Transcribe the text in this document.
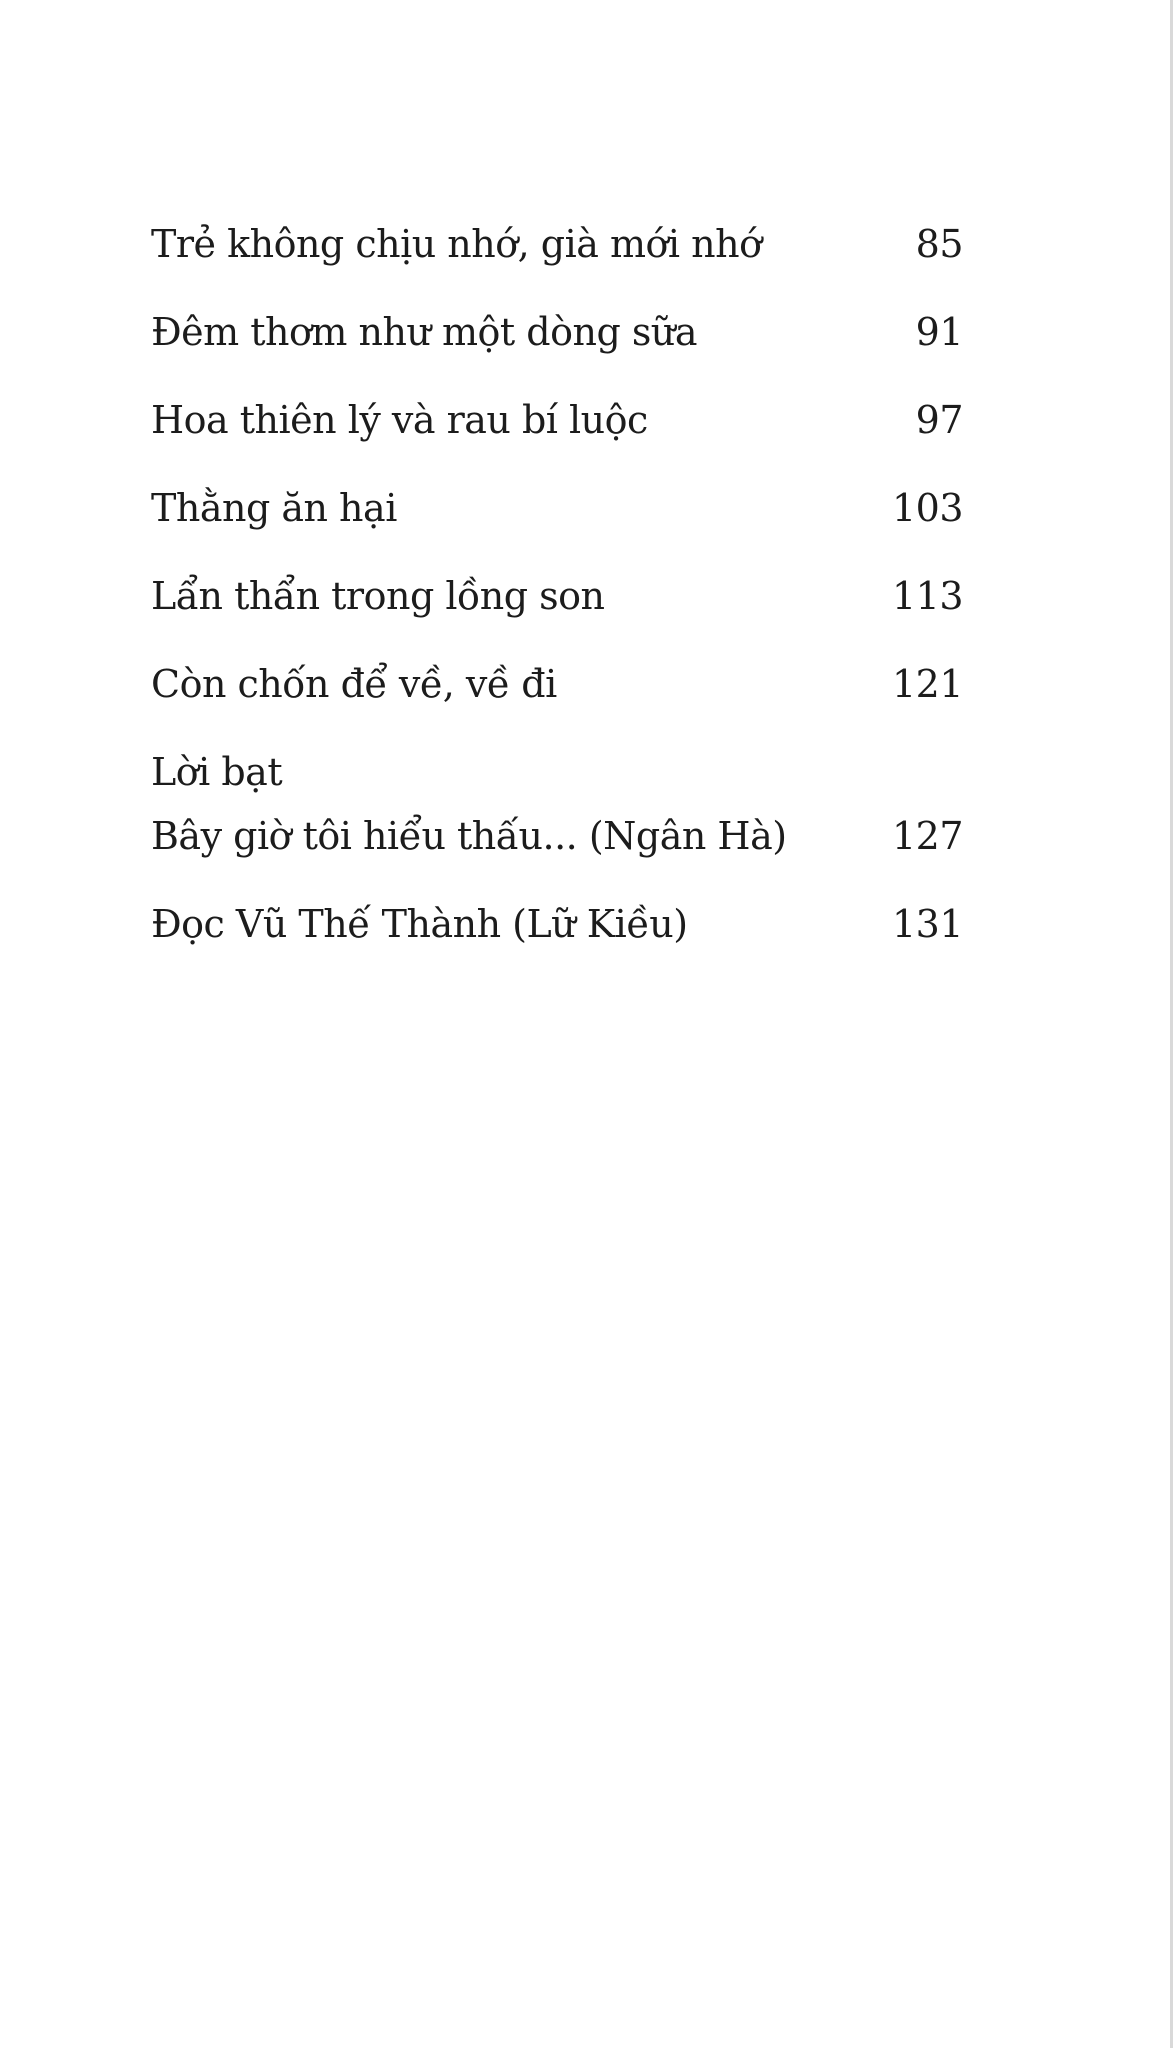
Trẻ không chịu nhớ, già mới nhớ	85
Đêm thơm như một dòng sữa	91
Hoa thiên lý và rau bí luộc	97
Thằng ăn hại	103
Lẩn thẩn trong lồng son	113
Còn chốn để về, về đi	121
Lời bạt
Bây giờ tôi hiểu thấu... (Ngân Hà)	127
Đọc Vũ Thế Thành (Lữ Kiều)	131
